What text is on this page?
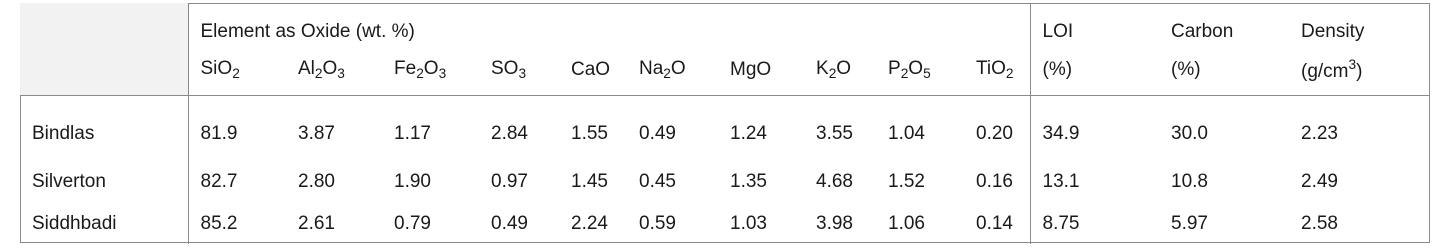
	Element as Oxide (wt. %)										LOI	Carbon	Density
	SiO$_2$	$Al_2O_3$	$Fe_2O_3$	$SO_3$	CaO	$Na_2O$	MgO	$K_2O$	$P_2O_5$	TiO$_2$	(%)	(%)	$(g/cm^3)$
Bindlas	81.9	3.87	1.17	2.84	1.55	0.49	1.24	3.55	1.04	0.20	34.9	30.0	2.23
Silverton	82.7	2.80	1.90	0.97	1.45	0.45	1.35	4.68	1.52	0.16	13.1	10.8	2.49
Siddhbadi	85.2	2.61	0.79	0.49	2.24	0.59	1.03	3.98	1.06	0.14	8.75	5.97	2.58
